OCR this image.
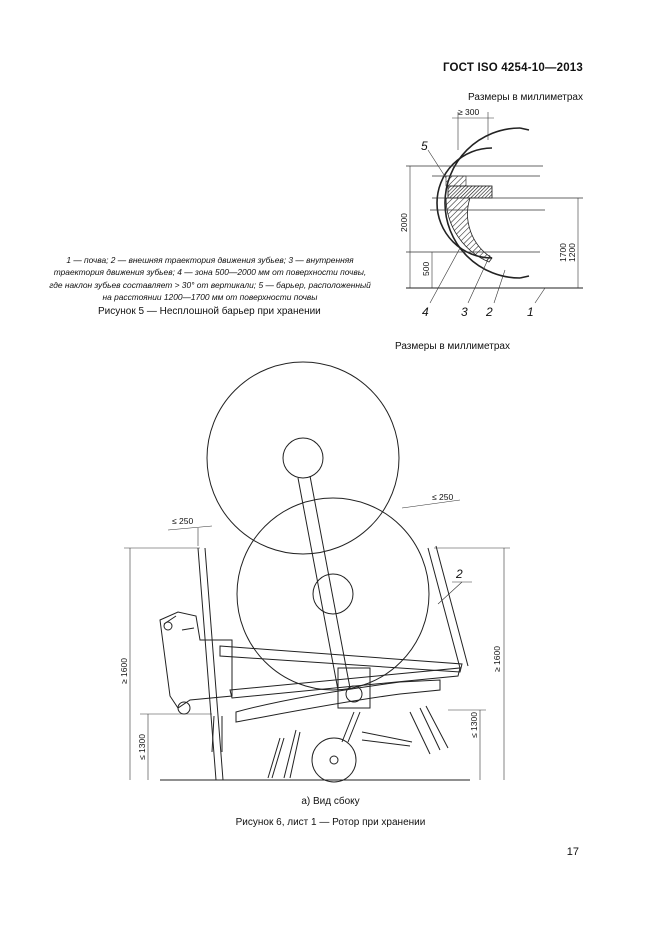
ГОСТ ISO 4254-10—2013
Размеры в миллиметрах
1 — почва; 2 — внешняя траектория движения зубьев; 3 — внутренняя
траектория движения зубьев; 4 — зона 500—2000 мм от поверхности почвы,
где наклон зубьев составляет > 30° от вертикали; 5 — барьер, расположенный
на расстоянии 1200—1700 мм от поверхности почвы
Рисунок 5 — Несплошной барьер при хранении
Размеры в миллиметрах
≥ 300
2000
500
1700 1200
5
4	3 2	1
≤ 250
≤ 250
≥ 1600
≤ 1300
≥ 1600
≤ 1300
2
а) Вид сбоку
Рисунок 6, лист 1 — Ротор при хранении
17
